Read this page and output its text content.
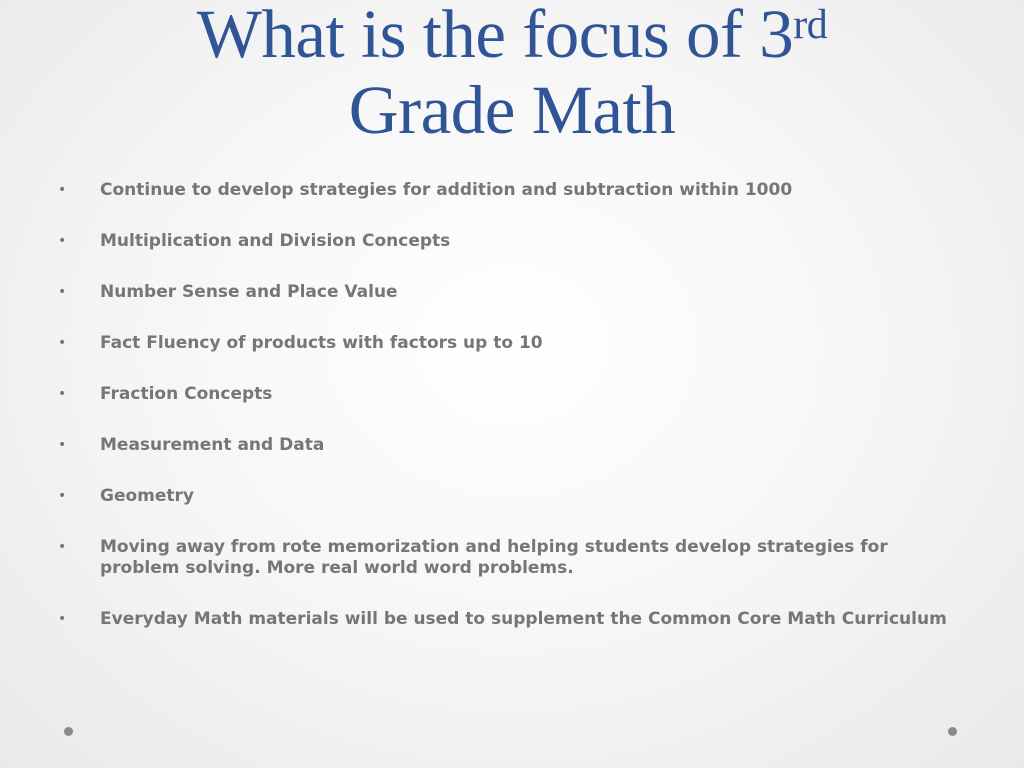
What is the focus of 3rd
Grade Math
• Continue to develop strategies for addition and subtraction within 1000
• Multiplication and Division Concepts
• Number Sense and Place Value
• Fact Fluency of products with factors up to 10
• Fraction Concepts
• Measurement and Data
• Geometry
• Moving away from rote memorization and helping students develop strategies for problem solving. More real world word problems.
• Everyday Math materials will be used to supplement the Common Core Math Curriculum
